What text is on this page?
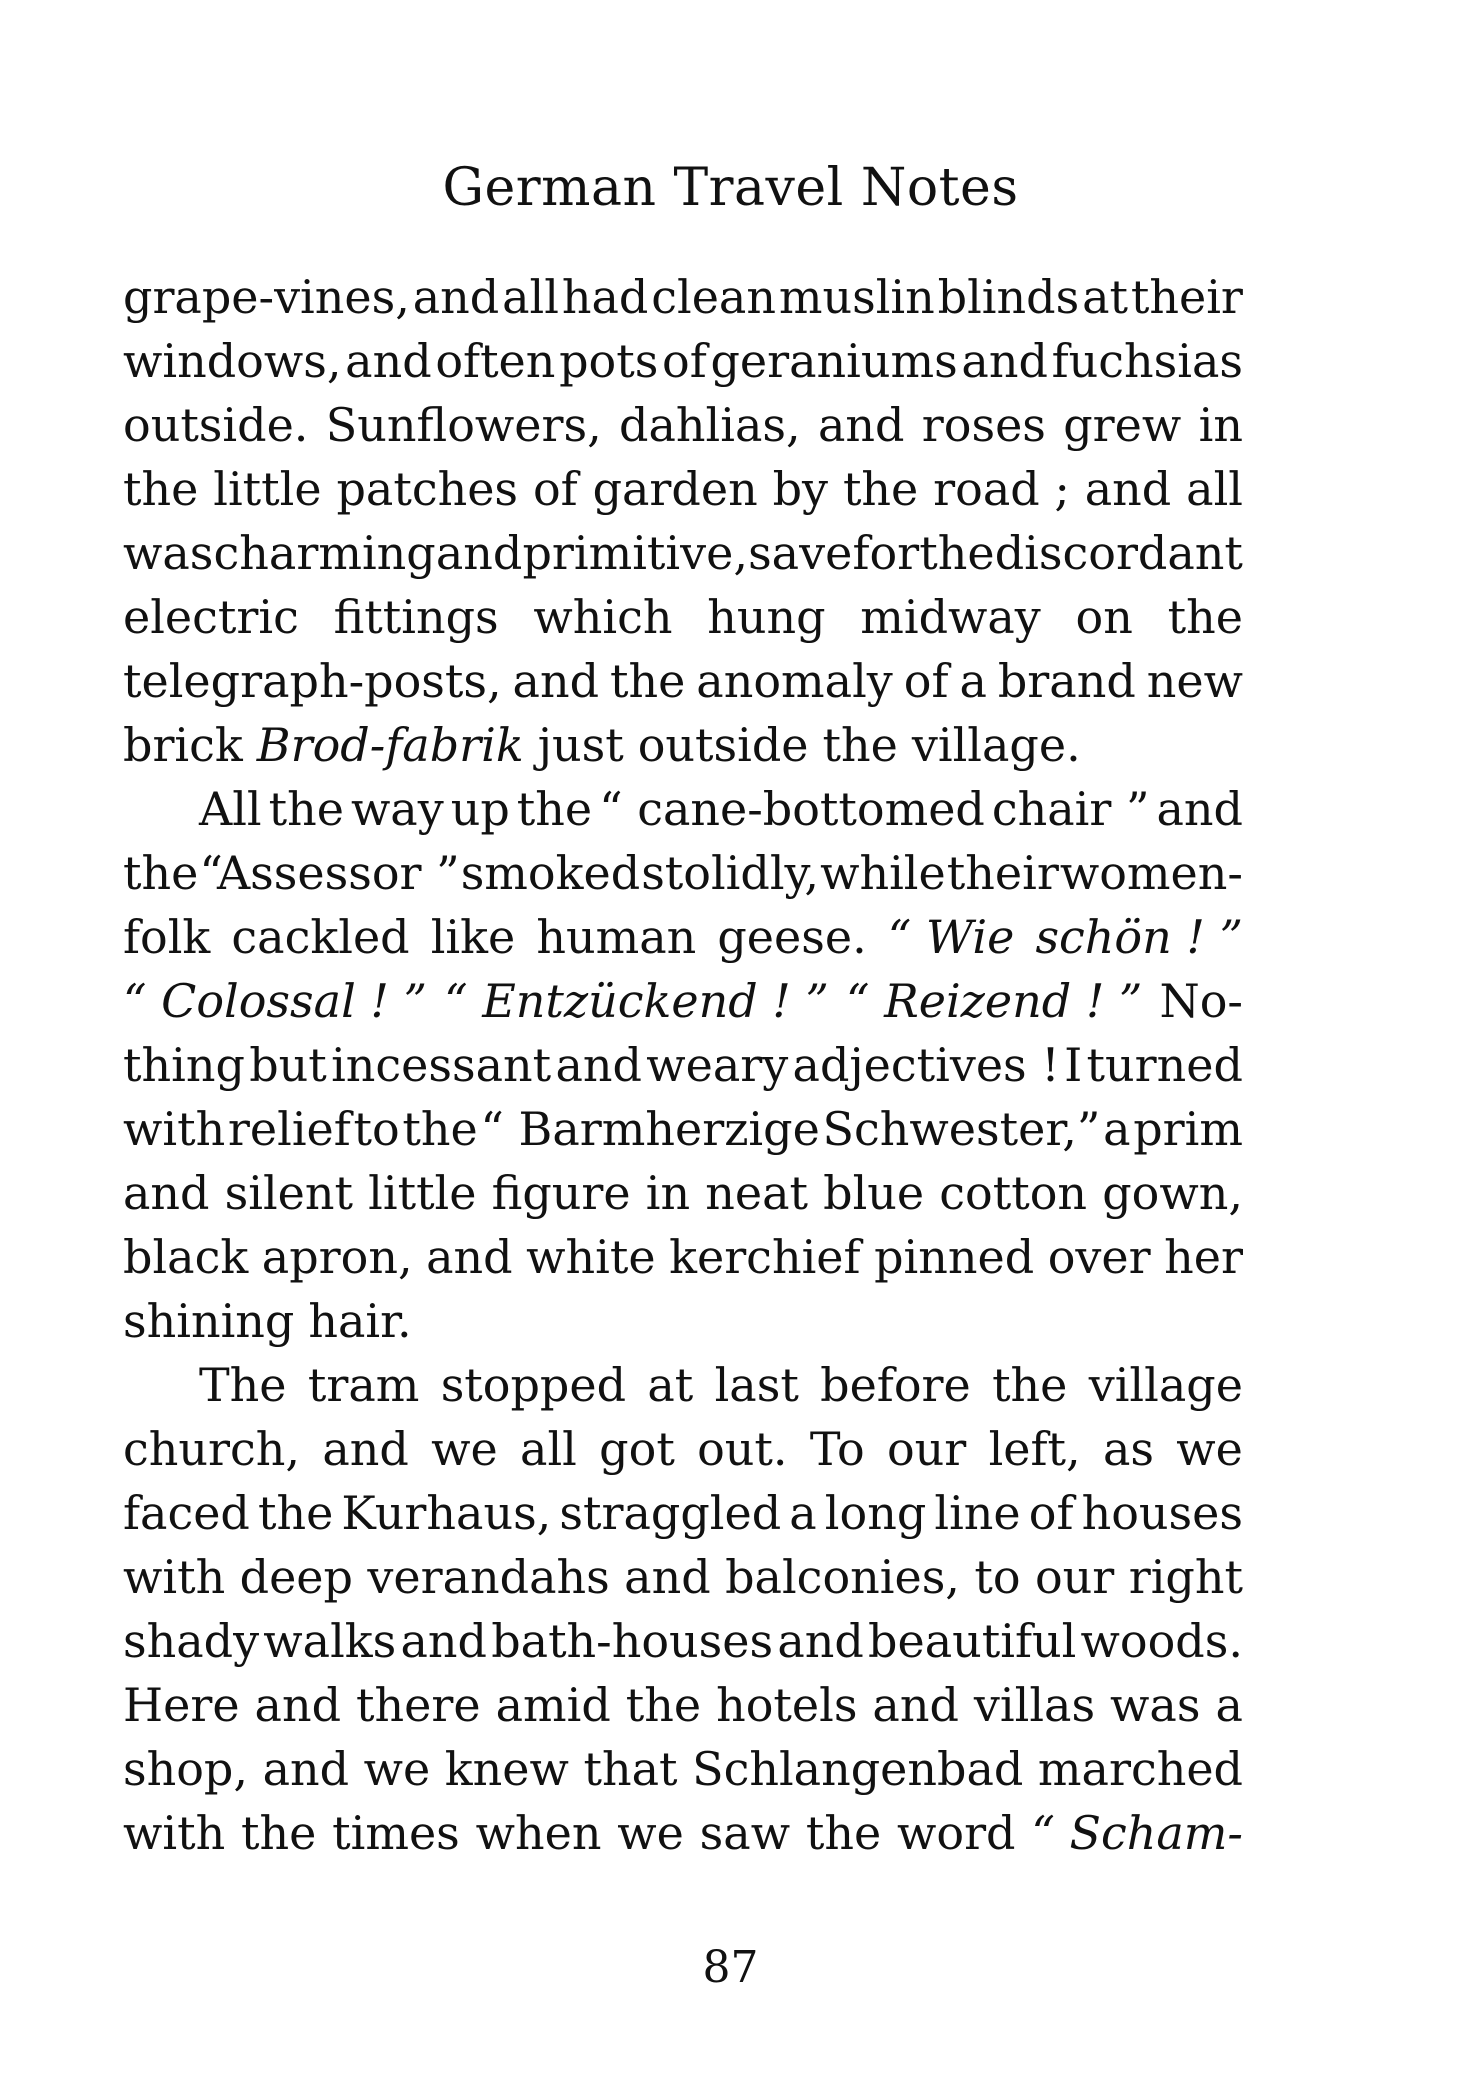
German Travel Notes
grape-vines, and all had clean muslin blinds at their
windows, and often pots of geraniums and fuchsias
outside. Sunflowers, dahlias, and roses grew in
the little patches of garden by the road ; and all
was charming and primitive, save for the discordant
electric fittings which hung midway on the
telegraph-posts, and the anomaly of a brand new
brick Brod-fabrik just outside the village.
All the way up the “ cane-bottomed chair ” and
the “Assessor ” smoked stolidly, while their women-
folk cackled like human geese. “ Wie schön ! ”
“ Colossal ! ” “ Entzückend ! ” “ Reizend ! ” No-
thing but incessant and weary adjectives ! I turned
with relief to the “ Barmherzige Schwester,” a prim
and silent little figure in neat blue cotton gown,
black apron, and white kerchief pinned over her
shining hair.
The tram stopped at last before the village
church, and we all got out. To our left, as we
faced the Kurhaus, straggled a long line of houses
with deep verandahs and balconies, to our right
shady walks and bath-houses and beautiful woods.
Here and there amid the hotels and villas was a
shop, and we knew that Schlangenbad marched
with the times when we saw the word “ Scham-
87
